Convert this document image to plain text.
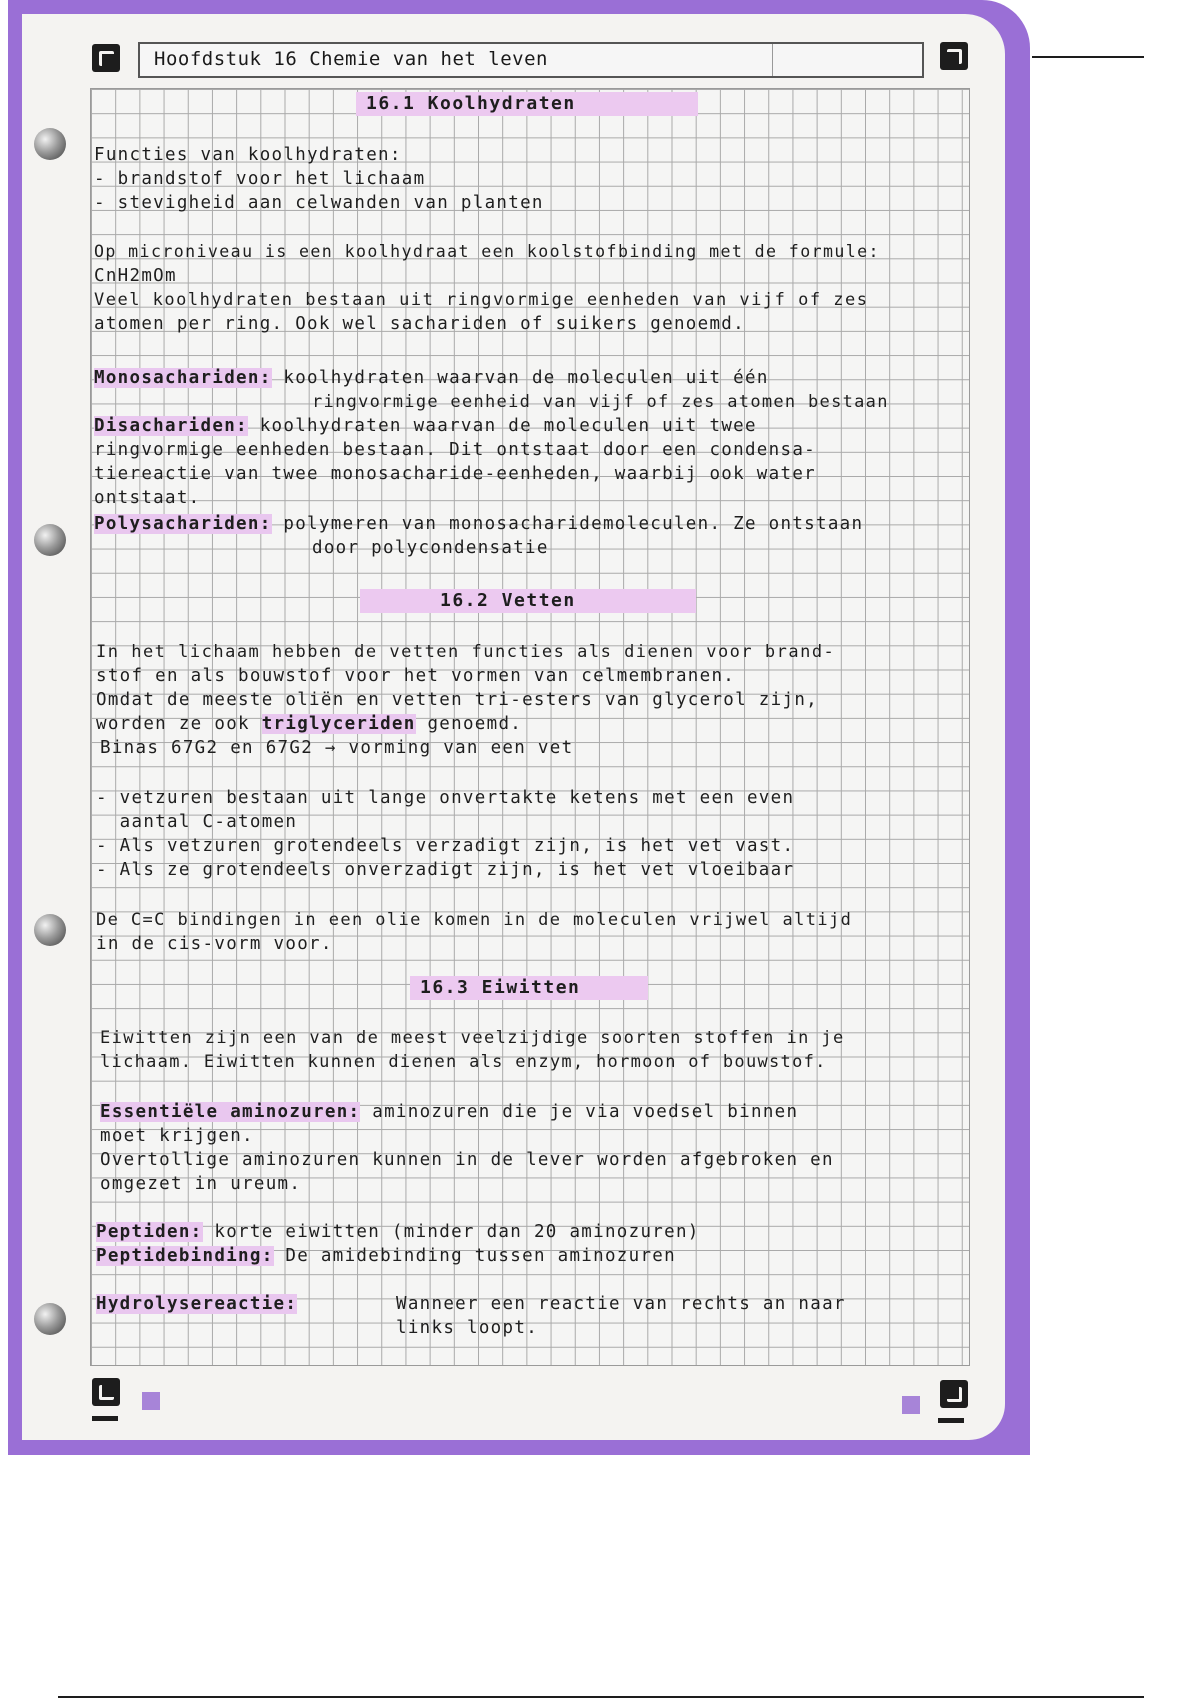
Hoofdstuk 16 Chemie van het leven
16.1 Koolhydraten
Functies van koolhydraten:
- brandstof voor het lichaam
- stevigheid aan celwanden van planten
Op microniveau is een koolhydraat een koolstofbinding met de formule:
CnH2mOm
Veel koolhydraten bestaan uit ringvormige eenheden van vijf of zes
atomen per ring. Ook wel sachariden of suikers genoemd.
Monosachariden: koolhydraten waarvan de moleculen uit één
ringvormige eenheid van vijf of zes atomen bestaan
Disachariden: koolhydraten waarvan de moleculen uit twee
ringvormige eenheden bestaan. Dit ontstaat door een condensa-
tiereactie van twee monosacharide-eenheden, waarbij ook water
ontstaat.
Polysachariden: polymeren van monosacharidemoleculen. Ze ontstaan
door polycondensatie
16.2 Vetten
In het lichaam hebben de vetten functies als dienen voor brand-
stof en als bouwstof voor het vormen van celmembranen.
Omdat de meeste oliën en vetten tri-esters van glycerol zijn,
worden ze ook triglyceriden genoemd.
Binas 67G2 en 67G2 → vorming van een vet
- vetzuren bestaan uit lange onvertakte ketens met een even
aantal C-atomen
- Als vetzuren grotendeels verzadigt zijn, is het vet vast.
- Als ze grotendeels onverzadigt zijn, is het vet vloeibaar
De C=C bindingen in een olie komen in de moleculen vrijwel altijd
in de cis-vorm voor.
16.3 Eiwitten
Eiwitten zijn een van de meest veelzijdige soorten stoffen in je
lichaam. Eiwitten kunnen dienen als enzym, hormoon of bouwstof.
Essentiële aminozuren: aminozuren die je via voedsel binnen
moet krijgen.
Overtollige aminozuren kunnen in de lever worden afgebroken en
omgezet in ureum.
Peptiden: korte eiwitten (minder dan 20 aminozuren)
Peptidebinding: De amidebinding tussen aminozuren
Hydrolysereactie:	Wanneer een reactie van rechts an naar
links loopt.
